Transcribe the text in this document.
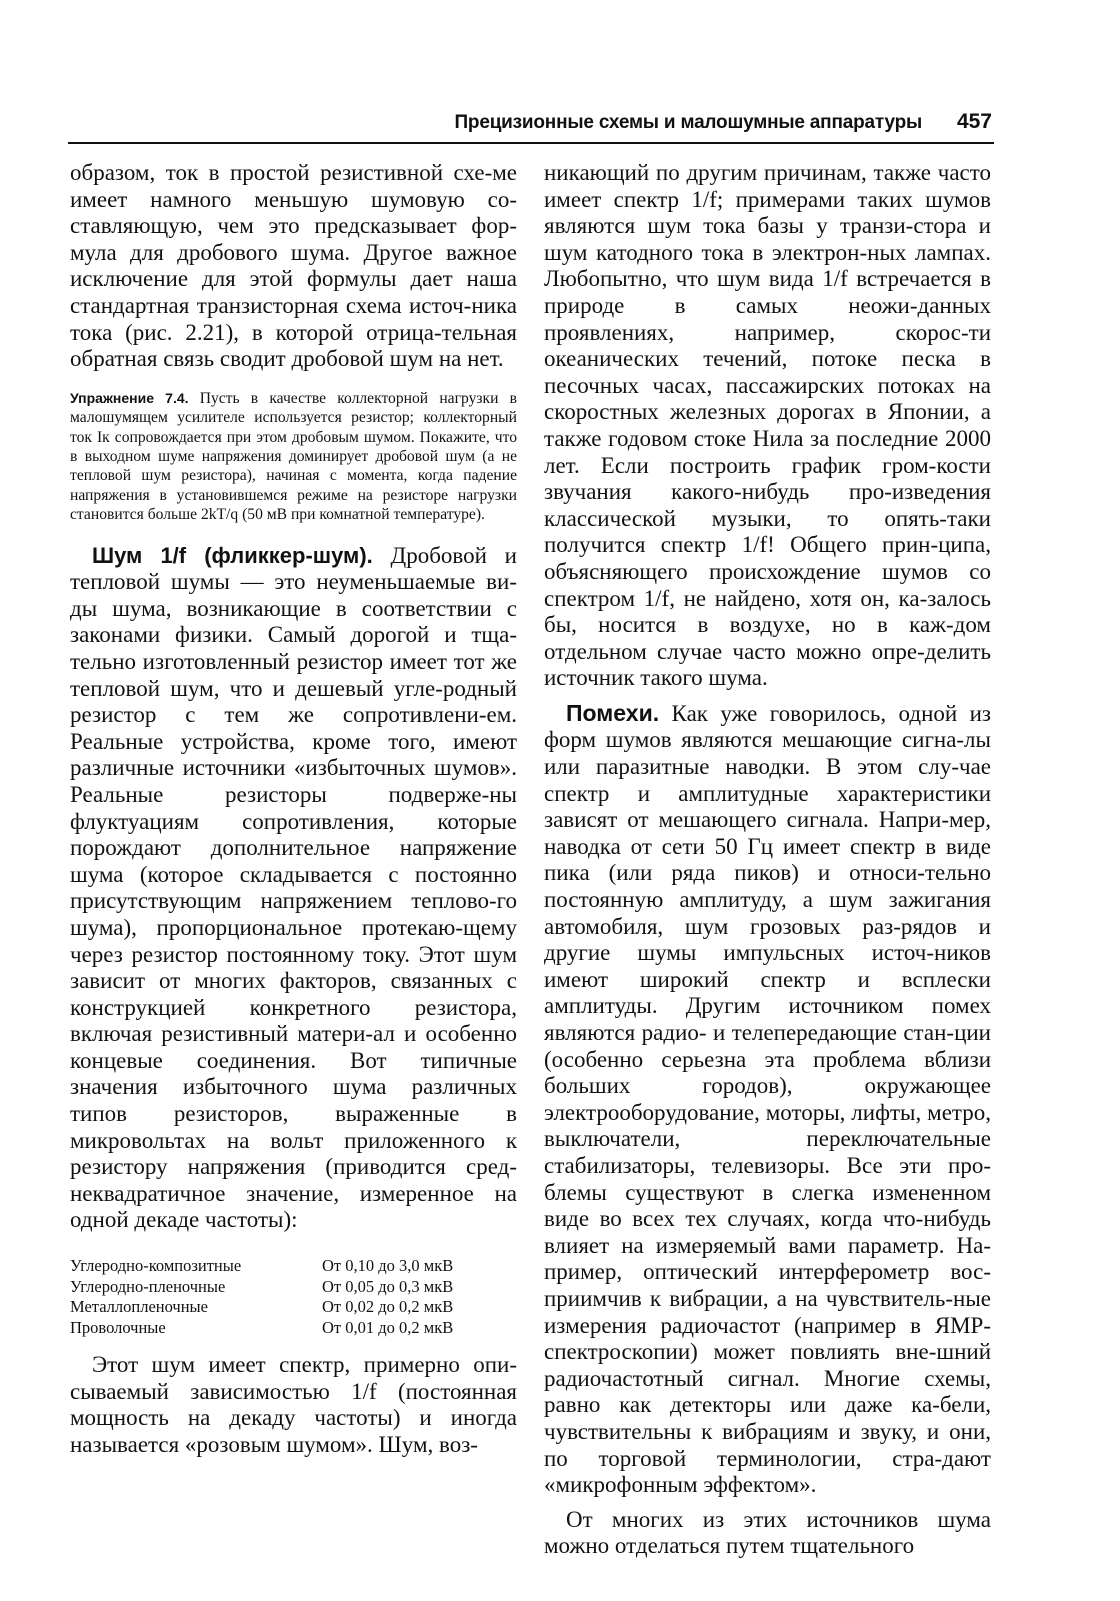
Прецизионные схемы и малошумные аппаратуры 457

образом, ток в простой резистивной схе-ме имеет намного меньшую шумовую со-ставляющую, чем это предсказывает фор-мула для дробового шума. Другое важное исключение для этой формулы дает наша стандартная транзисторная схема источ-ника тока (рис. 2.21), в которой отрица-тельная обратная связь сводит дробовой шум на нет.

Упражнение 7.4. Пусть в качестве коллекторной нагрузки в малошумящем усилителе используется резистор; коллекторный ток Iк сопровождается при этом дробовым шумом. Покажите, что в выходном шуме напряжения доминирует дробовой шум (а не тепловой шум резистора), начиная с момента, когда падение напряжения в установившемся режиме на резисторе нагрузки становится больше 2kT/q (50 мВ при комнатной температуре).

Шум 1/f (фликкер-шум). Дробовой и тепловой шумы — это неуменьшаемые ви-ды шума, возникающие в соответствии с законами физики. Самый дорогой и тща-тельно изготовленный резистор имеет тот же тепловой шум, что и дешевый угле-родный резистор с тем же сопротивлени-ем. Реальные устройства, кроме того, имеют различные источники «избыточных шумов». Реальные резисторы подверже-ны флуктуациям сопротивления, которые порождают дополнительное напряжение шума (которое складывается с постоянно присутствующим напряжением теплово-го шума), пропорциональное протекаю-щему через резистор постоянному току. Этот шум зависит от многих факторов, связанных с конструкцией конкретного резистора, включая резистивный матери-ал и особенно концевые соединения. Вот типичные значения избыточного шума различных типов резисторов, выраженные в микровольтах на вольт приложенного к резистору напряжения (приводится сред-неквадратичное значение, измеренное на одной декаде частоты):

Углеродно-композитные	От 0,10 до 3,0 мкВ
Углеродно-пленочные	От 0,05 до 0,3 мкВ
Металлопленочные	От 0,02 до 0,2 мкВ
Проволочные	От 0,01 до 0,2 мкВ

Этот шум имеет спектр, примерно опи-сываемый зависимостью 1/f (постоянная мощность на декаду частоты) и иногда называется «розовым шумом». Шум, воз-

никающий по другим причинам, также часто имеет спектр 1/f; примерами таких шумов являются шум тока базы у транзи-стора и шум катодного тока в электрон-ных лампах. Любопытно, что шум вида 1/f встречается в природе в самых неожи-данных проявлениях, например, скорос-ти океанических течений, потоке песка в песочных часах, пассажирских потоках на скоростных железных дорогах в Японии, а также годовом стоке Нила за последние 2000 лет. Если построить график гром-кости звучания какого-нибудь про-изведения классической музыки, то опять-таки получится спектр 1/f! Общего прин-ципа, объясняющего происхождение шумов со спектром 1/f, не найдено, хотя он, ка-залось бы, носится в воздухе, но в каж-дом отдельном случае часто можно опре-делить источник такого шума.

Помехи. Как уже говорилось, одной из форм шумов являются мешающие сигна-лы или паразитные наводки. В этом слу-чае спектр и амплитудные характеристики зависят от мешающего сигнала. Напри-мер, наводка от сети 50 Гц имеет спектр в виде пика (или ряда пиков) и относи-тельно постоянную амплитуду, а шум зажигания автомобиля, шум грозовых раз-рядов и другие шумы импульсных источ-ников имеют широкий спектр и всплески амплитуды. Другим источником помех являются радио- и телепередающие стан-ции (особенно серьезна эта проблема вблизи больших городов), окружающее электрооборудование, моторы, лифты, метро, выключатели, переключательные стабилизаторы, телевизоры. Все эти про-блемы существуют в слегка измененном виде во всех тех случаях, когда что-нибудь влияет на измеряемый вами параметр. На-пример, оптический интерферометр вос-приимчив к вибрации, а на чувствитель-ные измерения радиочастот (например в ЯМР-спектроскопии) может повлиять вне-шний радиочастотный сигнал. Многие схемы, равно как детекторы или даже ка-бели, чувствительны к вибрациям и звуку, и они, по торговой терминологии, стра-дают «микрофонным эффектом».

От многих из этих источников шума можно отделаться путем тщательного
